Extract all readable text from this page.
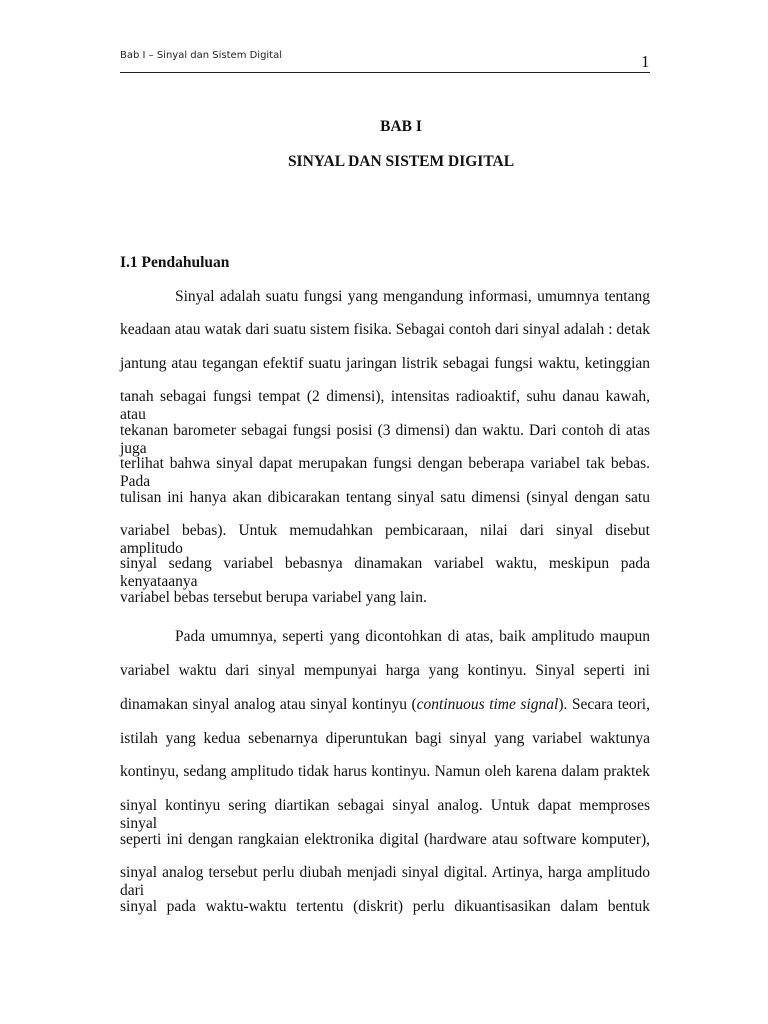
Bab I – Sinyal dan Sistem Digital	1
BAB I
SINYAL DAN SISTEM DIGITAL
I.1 Pendahuluan
Sinyal adalah suatu fungsi yang mengandung informasi, umumnya tentang
keadaan atau watak dari suatu sistem fisika. Sebagai contoh dari sinyal adalah : detak
jantung atau tegangan efektif suatu jaringan listrik sebagai fungsi waktu, ketinggian
tanah sebagai fungsi tempat (2 dimensi), intensitas radioaktif, suhu danau kawah, atau
tekanan barometer sebagai fungsi posisi (3 dimensi) dan waktu. Dari contoh di atas juga
terlihat bahwa sinyal dapat merupakan fungsi dengan beberapa variabel tak bebas. Pada
tulisan ini hanya akan dibicarakan tentang sinyal satu dimensi (sinyal dengan satu
variabel bebas). Untuk memudahkan pembicaraan, nilai dari sinyal disebut amplitudo
sinyal sedang variabel bebasnya dinamakan variabel waktu, meskipun pada kenyataanya
variabel bebas tersebut berupa variabel yang lain.
Pada umumnya, seperti yang dicontohkan di atas, baik amplitudo maupun
variabel waktu dari sinyal mempunyai harga yang kontinyu. Sinyal seperti ini
dinamakan sinyal analog atau sinyal kontinyu (continuous time signal). Secara teori,
istilah yang kedua sebenarnya diperuntukan bagi sinyal yang variabel waktunya
kontinyu, sedang amplitudo tidak harus kontinyu. Namun oleh karena dalam praktek
sinyal kontinyu sering diartikan sebagai sinyal analog. Untuk dapat memproses sinyal
seperti ini dengan rangkaian elektronika digital (hardware atau software komputer),
sinyal analog tersebut perlu diubah menjadi sinyal digital. Artinya, harga amplitudo dari
sinyal pada waktu-waktu tertentu (diskrit) perlu dikuantisasikan dalam bentuk
